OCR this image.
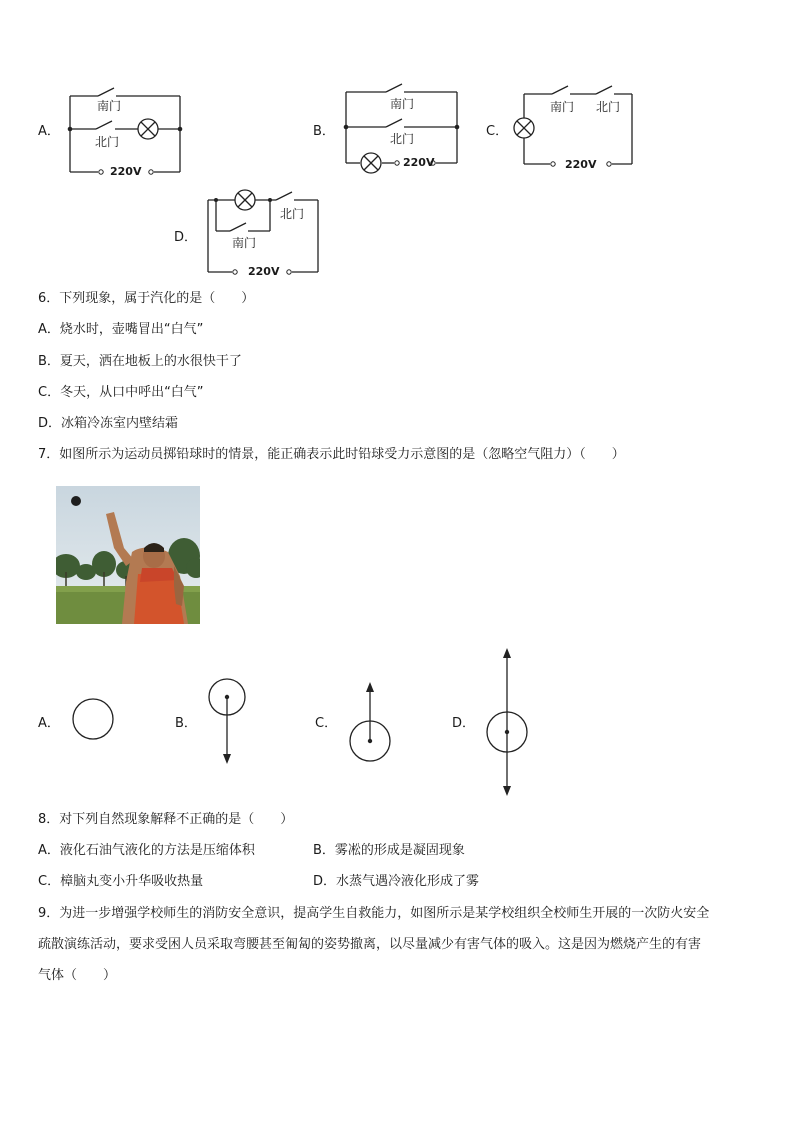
A．
南门
北门
220V
B．
南门
北门
220V
C．
南门 北门
220V
D．
北门
南门
220V
6．下列现象，属于汽化的是（　　）
A．烧水时，壶嘴冒出“白气”
B．夏天，洒在地板上的水很快干了
C．冬天，从口中呼出“白气”
D．冰箱冷冻室内壁结霜
7．如图所示为运动员掷铅球时的情景，能正确表示此时铅球受力示意图的是（忽略空气阻力）（　　）
A．	B．	C．	D．
8．对下列自然现象解释不正确的是（　　）
A．液化石油气液化的方法是压缩体积	B．雾凇的形成是凝固现象
C．樟脑丸变小升华吸收热量	D．水蒸气遇冷液化形成了雾
9．为进一步增强学校师生的消防安全意识，提高学生自救能力，如图所示是某学校组织全校师生开展的一次防火安全
疏散演练活动，要求受困人员采取弯腰甚至匍匐的姿势撤离，以尽量减少有害气体的吸入。这是因为燃烧产生的有害
气体（　　）
